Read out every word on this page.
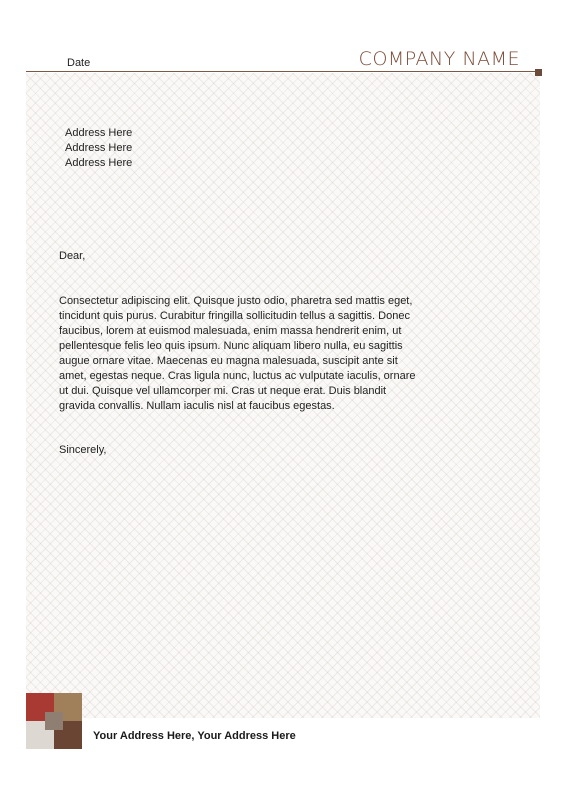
Date	COMPANY NAME
Address Here
Address Here
Address Here
Dear,
Consectetur adipiscing elit. Quisque justo odio, pharetra sed mattis eget, tincidunt quis purus. Curabitur fringilla sollicitudin tellus a sagittis. Donec faucibus, lorem at euismod malesuada, enim massa hendrerit enim, ut pellentesque felis leo quis ipsum. Nunc aliquam libero nulla, eu sagittis augue ornare vitae. Maecenas eu magna malesuada, suscipit ante sit amet, egestas neque. Cras ligula nunc, luctus ac vulputate iaculis, ornare ut dui. Quisque vel ullamcorper mi. Cras ut neque erat. Duis blandit gravida convallis. Nullam iaculis nisl at faucibus egestas.
Sincerely,
Your Address Here, Your Address Here
